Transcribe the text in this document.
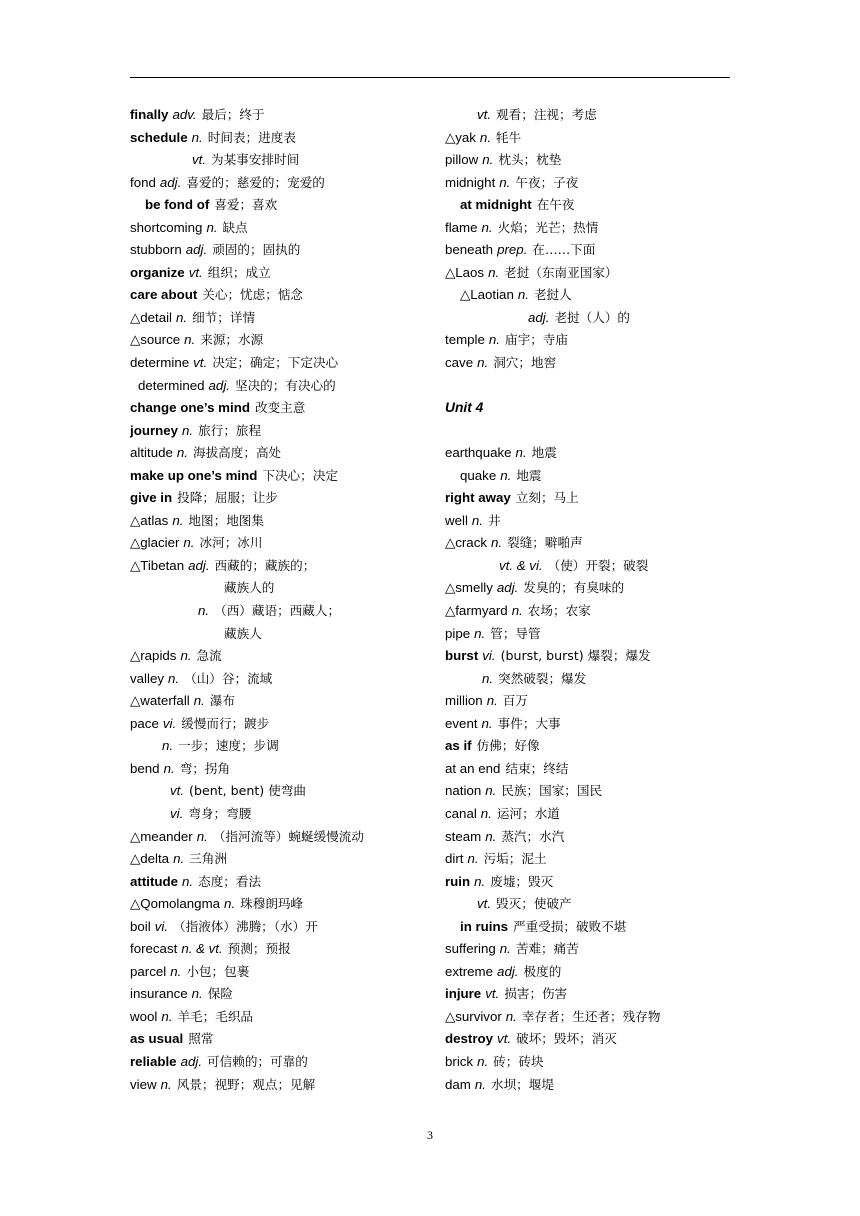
finally adv. 最后；终于
schedule n. 时间表；进度表
vt. 为某事安排时间
fond adj. 喜爱的；慈爱的；宠爱的
be fond of 喜爱；喜欢
shortcoming n. 缺点
stubborn adj. 顽固的；固执的
organize vt. 组织；成立
care about 关心；忧虑；惦念
△detail n. 细节；详情
△source n. 来源；水源
determine vt. 决定；确定；下定决心
determined adj. 坚决的；有决心的
change one’s mind 改变主意
journey n. 旅行；旅程
altitude n. 海拔高度；高处
make up one’s mind 下决心；决定
give in 投降；屈服；让步
△atlas n. 地图；地图集
△glacier n. 冰河；冰川
△Tibetan adj. 西藏的；藏族的；
藏族人的
n. （西）藏语；西藏人；
藏族人
△rapids n. 急流
valley n. （山）谷；流域
△waterfall n. 瀑布
pace vi. 缓慢而行；踱步
n. 一步；速度；步调
bend n. 弯；拐角
vt. (bent, bent) 使弯曲
vi. 弯身；弯腰
△meander n. （指河流等）蜿蜒缓慢流动
△delta n. 三角洲
attitude n. 态度；看法
△Qomolangma n. 珠穆朗玛峰
boil vi. （指液体）沸腾；（水）开
forecast n. & vt. 预测；预报
parcel n. 小包；包裹
insurance n. 保险
wool n. 羊毛；毛织品
as usual 照常
reliable adj. 可信赖的；可靠的
view n. 风景；视野；观点；见解
vt. 观看；注视；考虑
△yak n. 牦牛
pillow n. 枕头；枕垫
midnight n. 午夜；子夜
at midnight 在午夜
flame n. 火焰；光芒；热情
beneath prep. 在……下面
△Laos n. 老挝（东南亚国家）
△Laotian n. 老挝人
adj. 老挝（人）的
temple n. 庙宇；寺庙
cave n. 洞穴；地窖
Unit 4
earthquake n. 地震
quake n. 地震
right away 立刻；马上
well n. 井
△crack n. 裂缝；噼啪声
vt. & vi. （使）开裂；破裂
△smelly adj. 发臭的；有臭味的
△farmyard n. 农场；农家
pipe n. 管；导管
burst vi. (burst, burst) 爆裂；爆发
n. 突然破裂；爆发
million n. 百万
event n. 事件；大事
as if 仿佛；好像
at an end 结束；终结
nation n. 民族；国家；国民
canal n. 运河；水道
steam n. 蒸汽；水汽
dirt n. 污垢；泥土
ruin n. 废墟；毁灭
vt. 毁灭；使破产
in ruins 严重受损；破败不堪
suffering n. 苦难；痛苦
extreme adj. 极度的
injure vt. 损害；伤害
△survivor n. 幸存者；生还者；残存物
destroy vt. 破坏；毁坏；消灭
brick n. 砖；砖块
dam n. 水坝；堰堤
3
